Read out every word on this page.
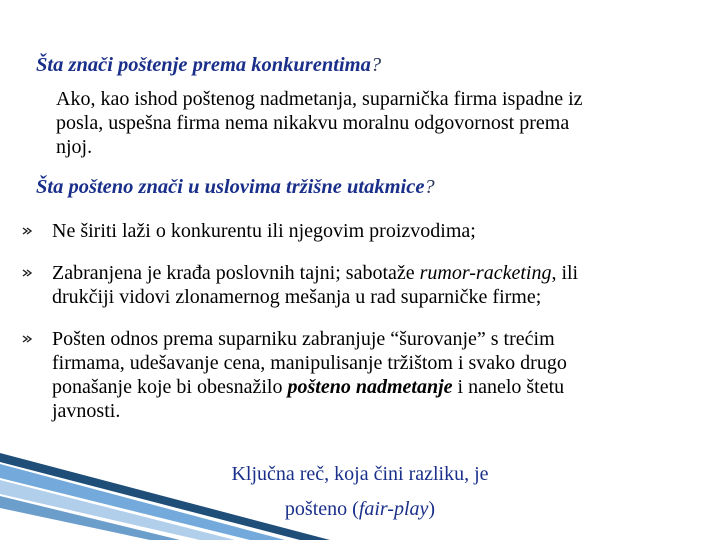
Šta znači poštenje prema konkurentima?

Ako, kao ishod poštenog nadmetanja, suparnička firma ispadne iz
posla, uspešna firma nema nikakvu moralnu odgovornost prema
njoj.

Šta pošteno znači u uslovima tržišne utakmice?

Ne širiti laži o konkurentu ili njegovim proizvodima;
Zabranjena je krađa poslovnih tajni; sabotaže rumor-racketing, ili
drukčiji vidovi zlonamernog mešanja u rad suparničke firme;
Pošten odnos prema suparniku zabranjuje “šurovanje” s trećim
firmama, udešavanje cena, manipulisanje tržištom i svako drugo
ponašanje koje bi obesnažilo pošteno nadmetanje i nanelo štetu
javnosti.

Ključna reč, koja čini razliku, je

pošteno (fair-play)
